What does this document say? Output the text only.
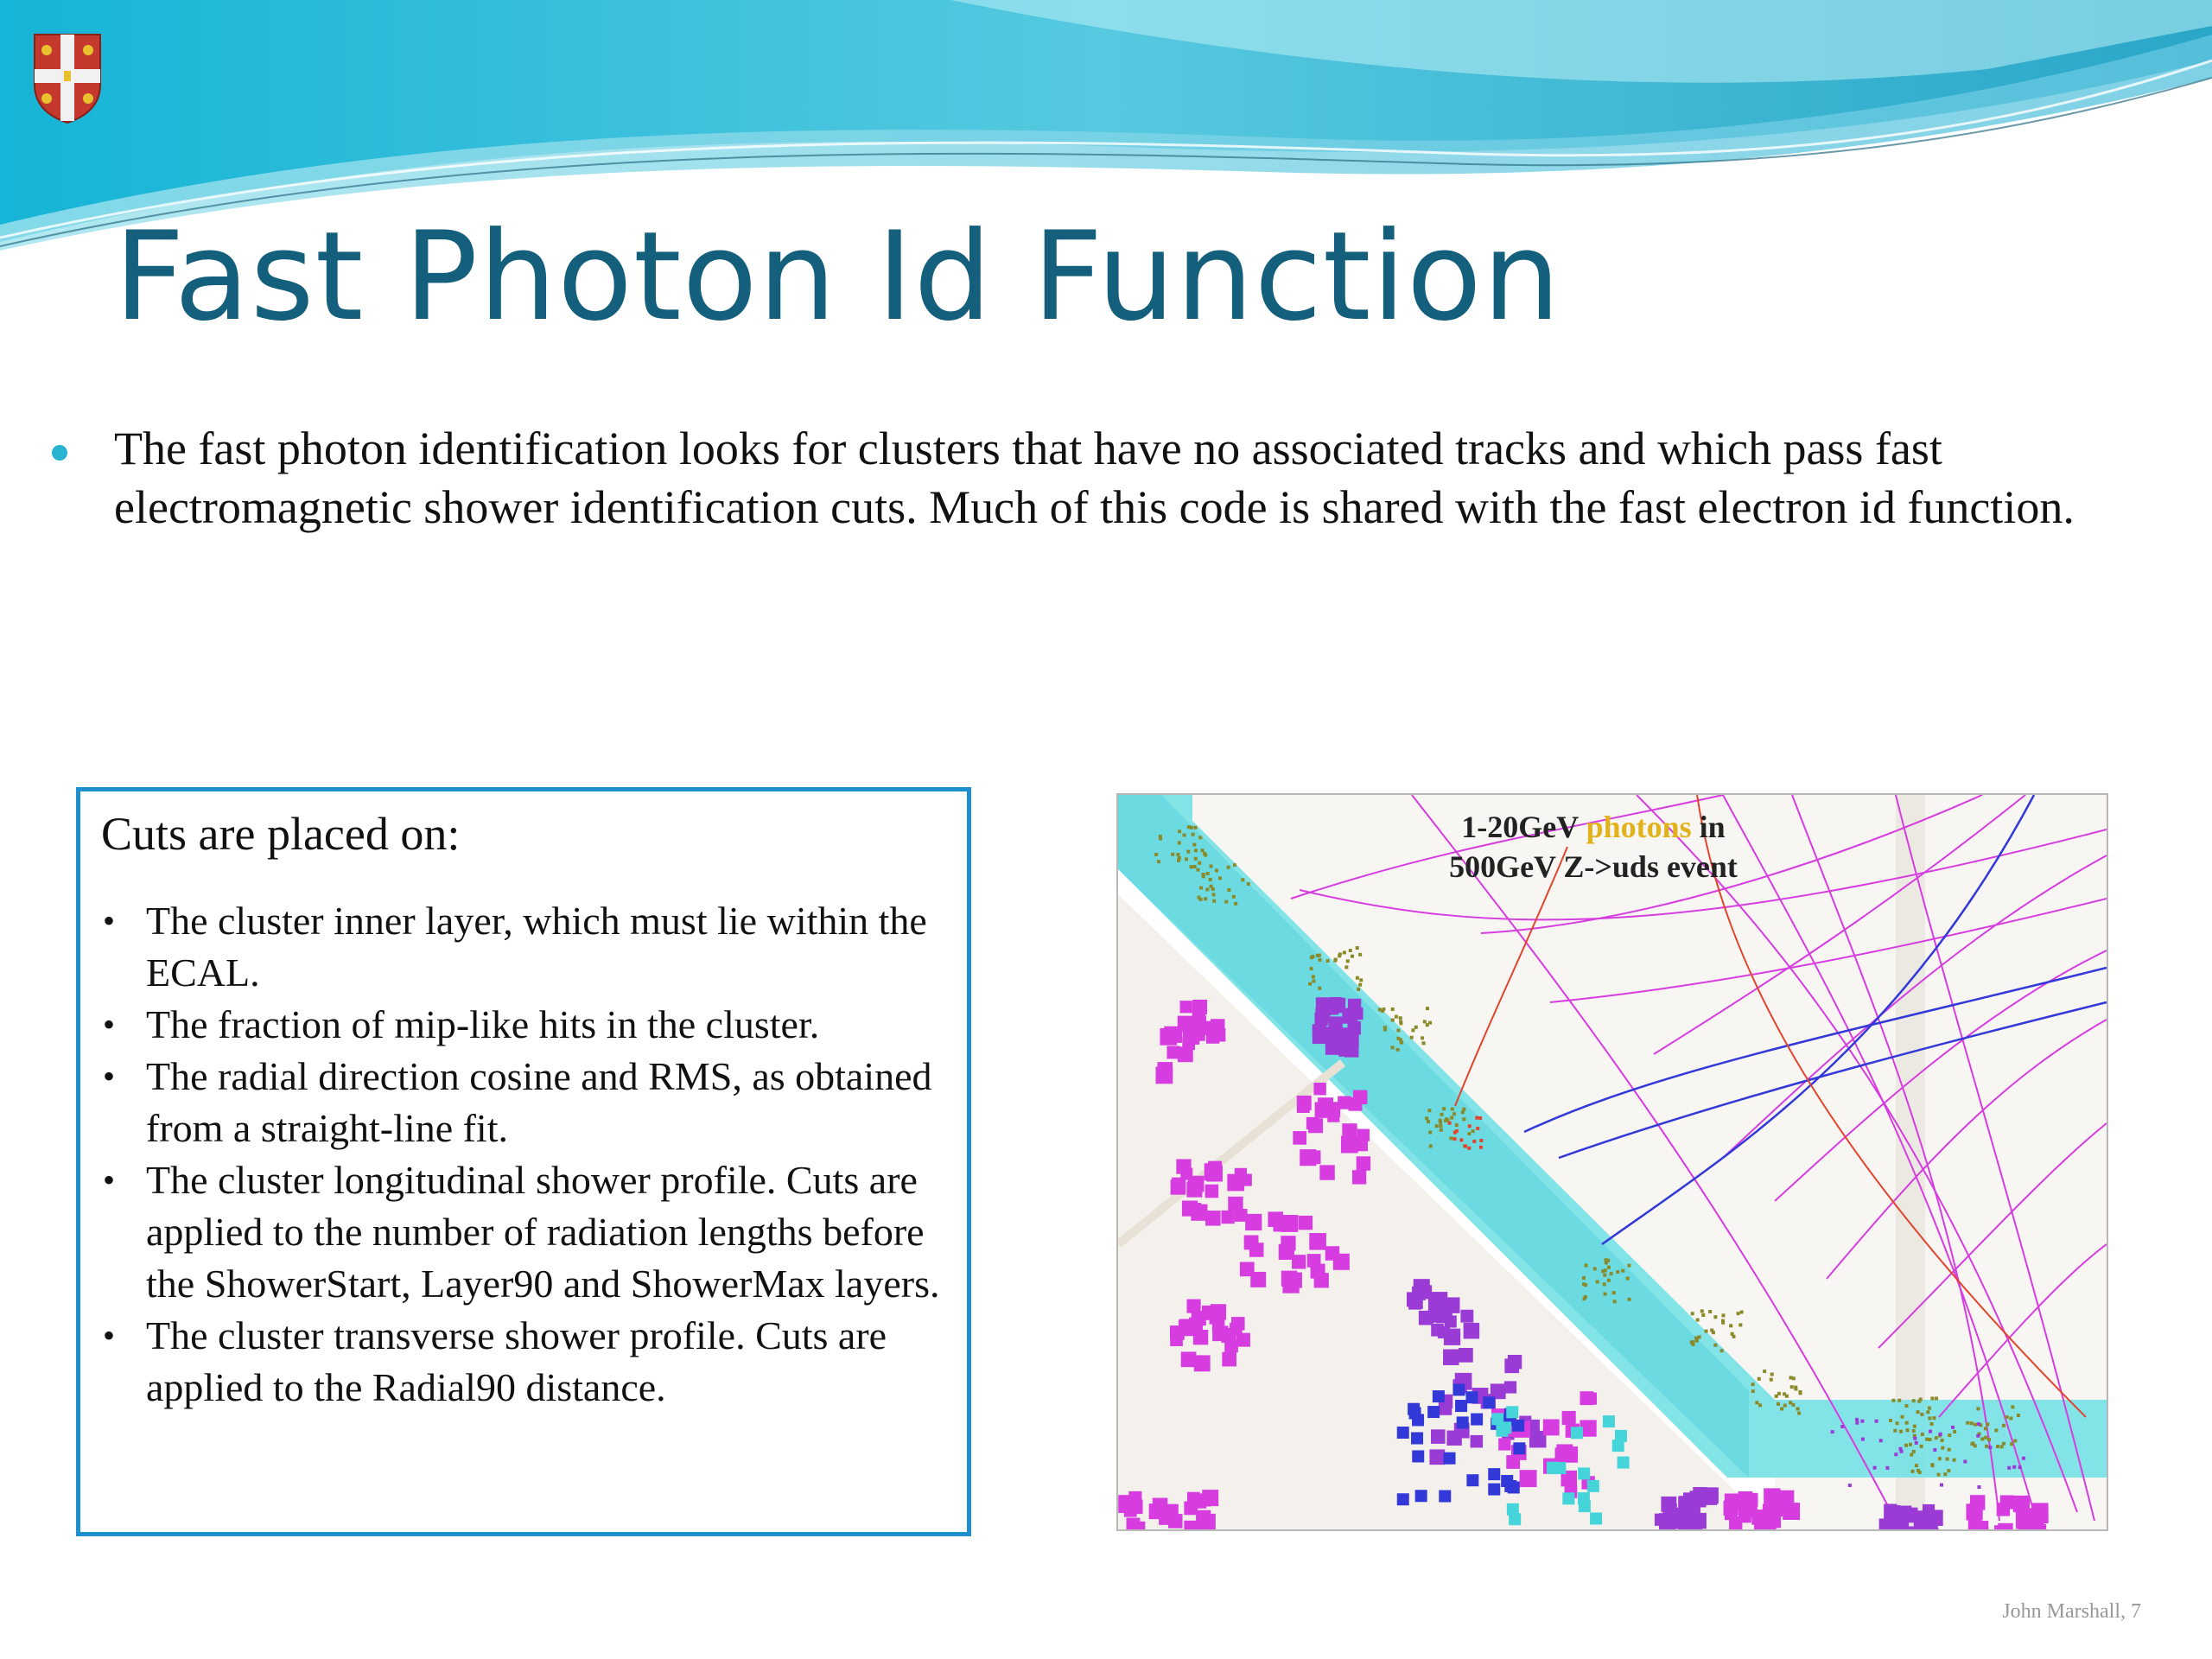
Fast Photon Id Function

The fast photon identification looks for clusters that have no associated tracks and which pass fast electromagnetic shower identification cuts. Much of this code is shared with the fast electron id function.

Cuts are placed on:
• The cluster inner layer, which must lie within the ECAL.
• The fraction of mip-like hits in the cluster.
• The radial direction cosine and RMS, as obtained from a straight-line fit.
• The cluster longitudinal shower profile. Cuts are applied to the number of radiation lengths before the ShowerStart, Layer90 and ShowerMax layers.
• The cluster transverse shower profile. Cuts are applied to the Radial90 distance.
1-20GeV photons in
500GeV Z->uds event
John Marshall, 7
